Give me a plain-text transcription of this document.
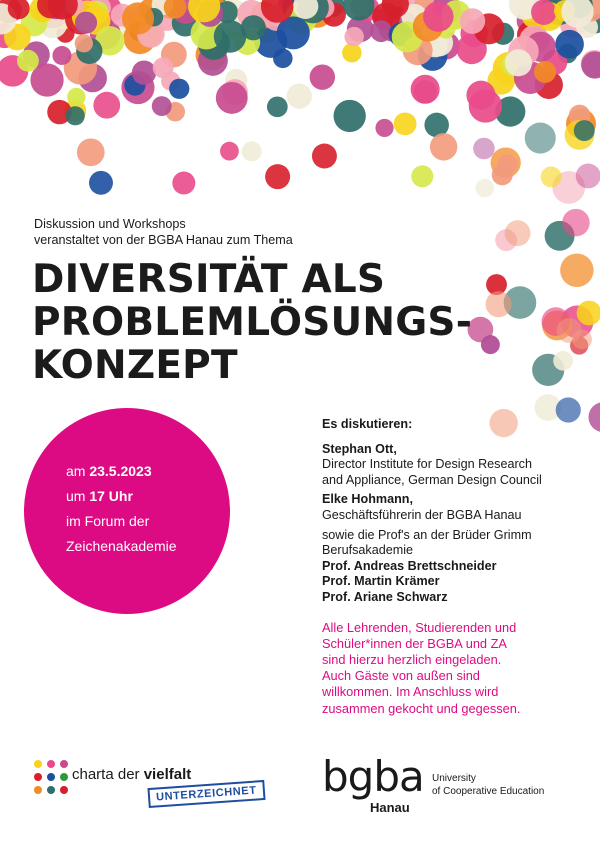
Diskussion und Workshops
veranstaltet von der BGBA Hanau zum Thema
DIVERSITÄT ALS
PROBLEMLÖSUNGS-
KONZEPT
am 23.5.2023
um 17 Uhr
im Forum der
Zeichenakademie
Es diskutieren:
Stephan Ott,
Director Institute for Design Research
and Appliance, German Design Council
Elke Hohmann,
Geschäftsführerin der BGBA Hanau
sowie die Prof's an der Brüder Grimm
Berufsakademie
Prof. Andreas Brettschneider
Prof. Martin Krämer
Prof. Ariane Schwarz
Alle Lehrenden, Studierenden und
Schüler*innen der BGBA und ZA
sind hierzu herzlich eingeladen.
Auch Gäste von außen sind
willkommen. Im Anschluss wird
zusammen gekocht und gegessen.
charta der vielfalt
UNTERZEICHNET bgba
Hanau
University
of Cooperative Education
